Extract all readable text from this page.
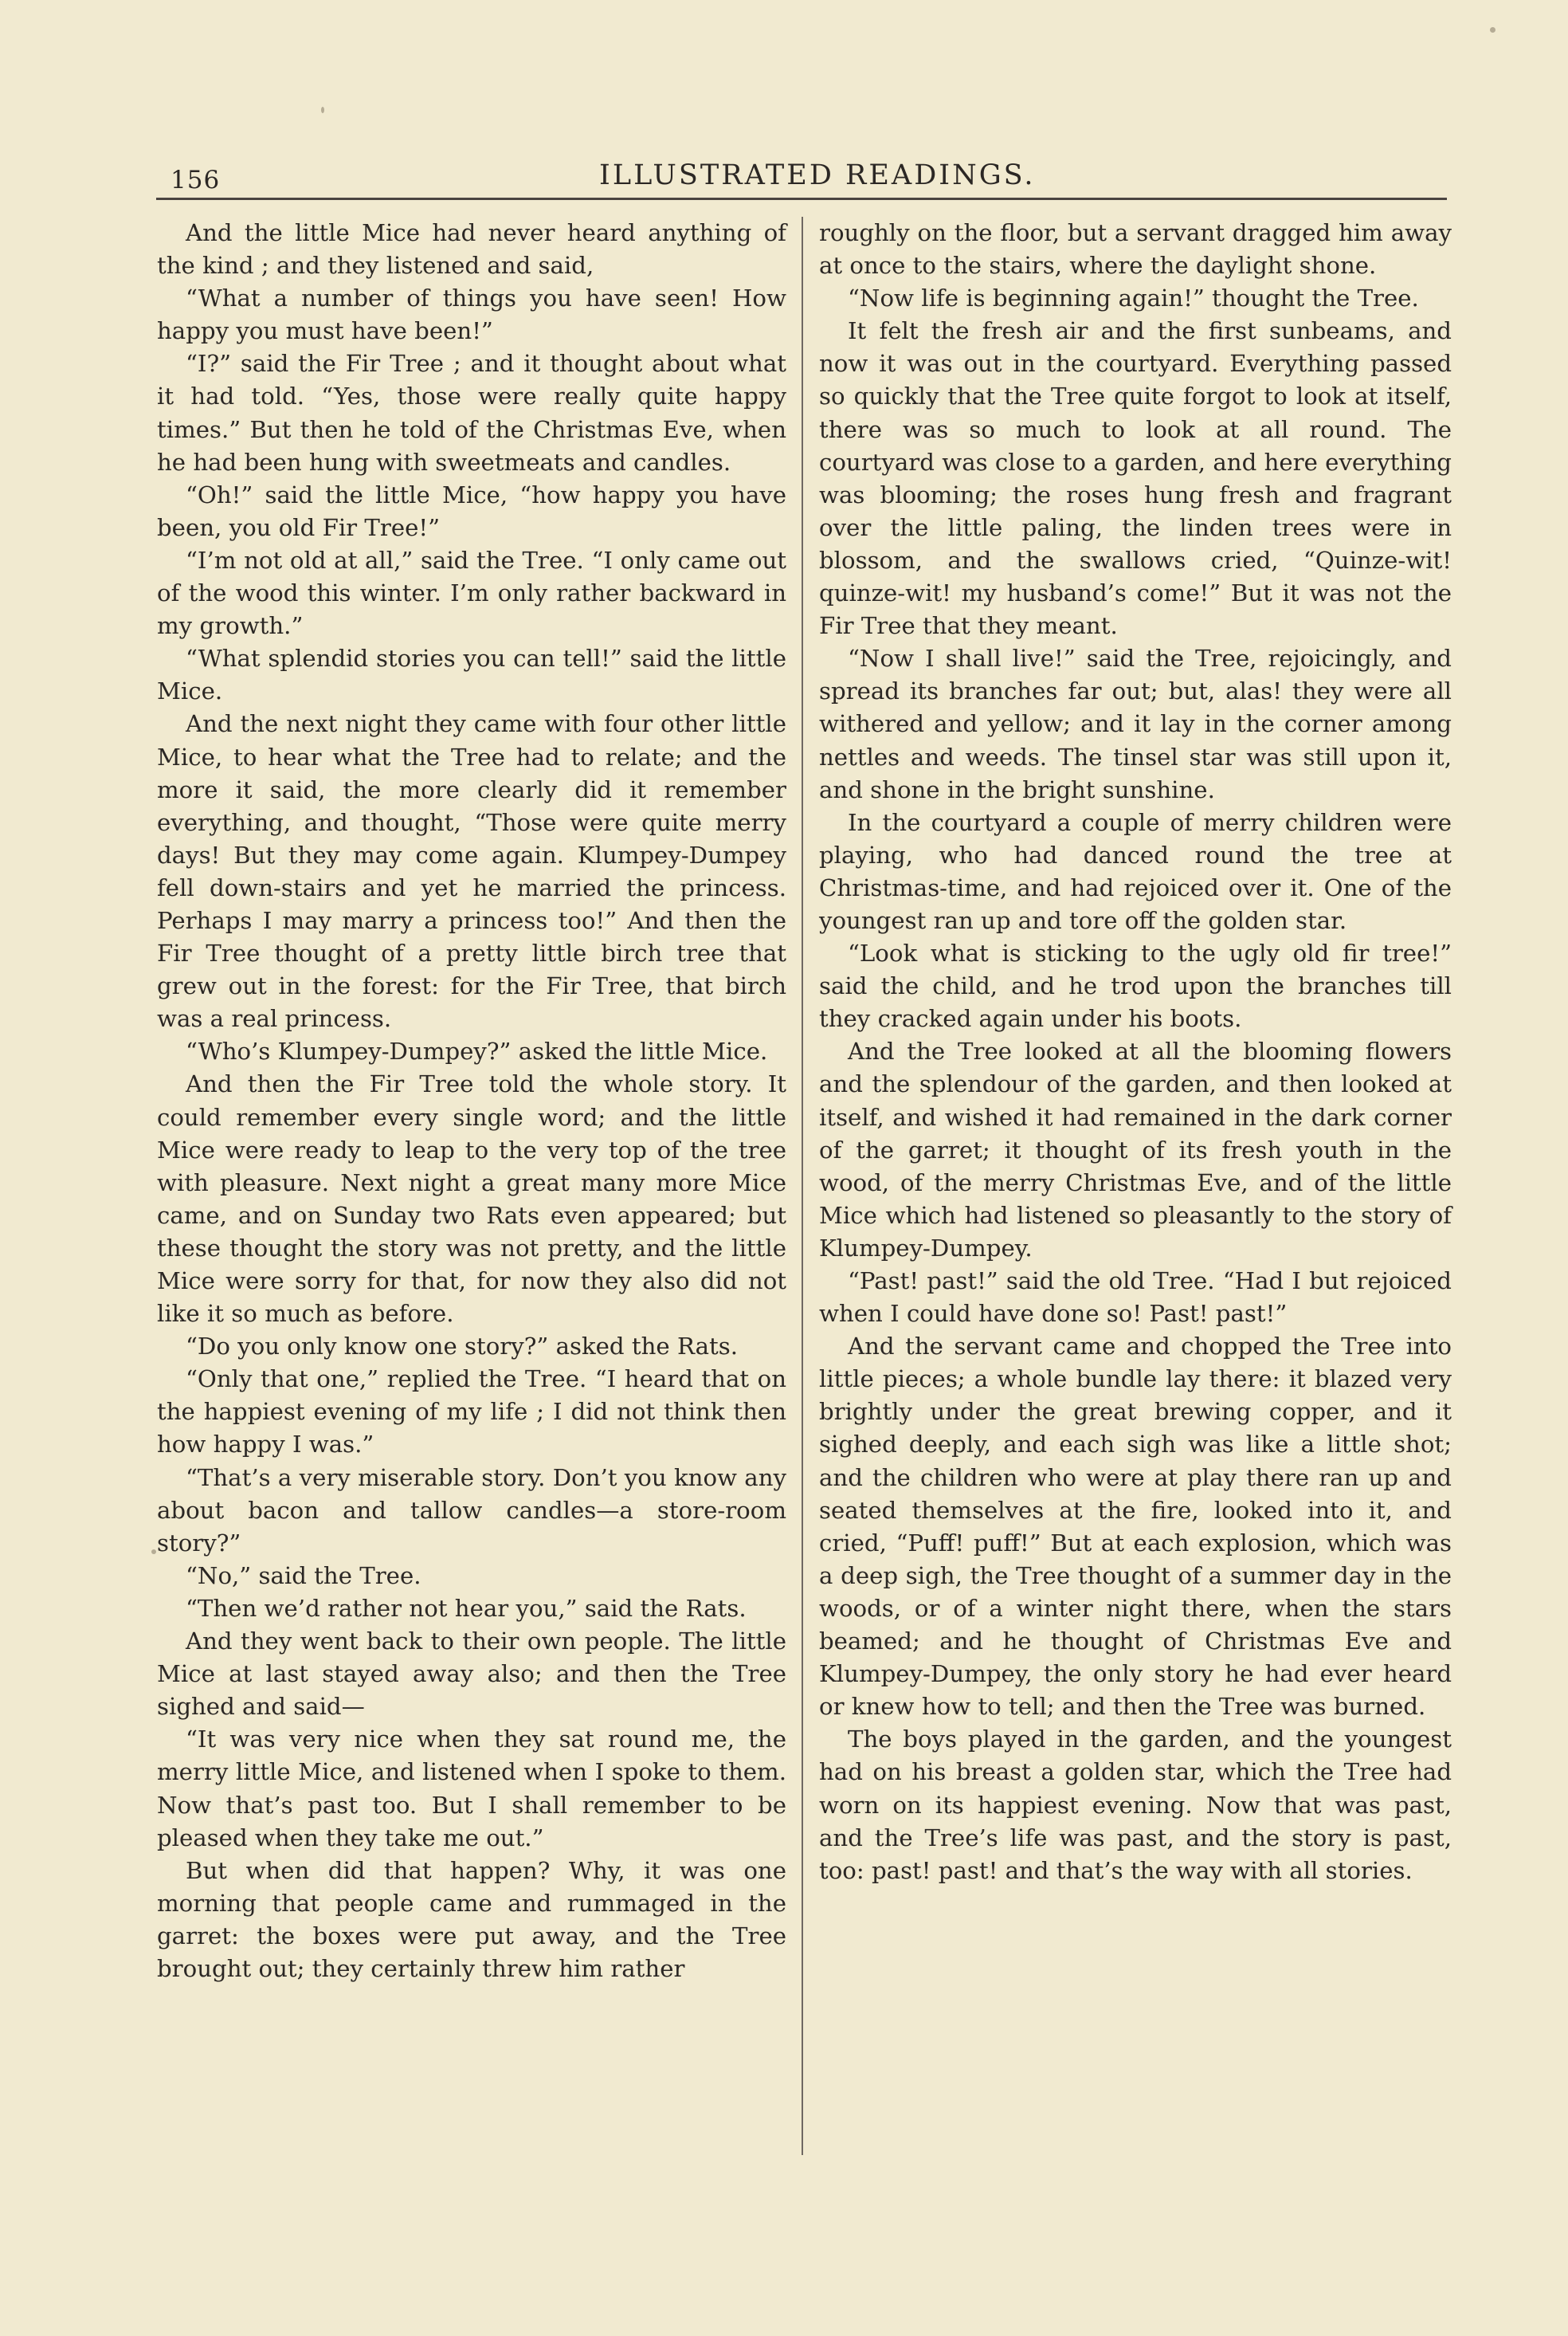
156	ILLUSTRATED READINGS.

And the little Mice had never heard anything of the kind ; and they listened and said,

“What a number of things you have seen! How happy you must have been!”

“I?” said the Fir Tree ; and it thought about what it had told. “Yes, those were really quite happy times.” But then he told of the Christmas Eve, when he had been hung with sweetmeats and candles.

“Oh!” said the little Mice, “how happy you have been, you old Fir Tree!”

“I’m not old at all,” said the Tree. “I only came out of the wood this winter. I’m only rather backward in my growth.”

“What splendid stories you can tell!” said the little Mice.

And the next night they came with four other little Mice, to hear what the Tree had to relate; and the more it said, the more clearly did it remember everything, and thought, “Those were quite merry days! But they may come again. Klumpey-Dumpey fell down-stairs and yet he married the princess. Perhaps I may marry a princess too!” And then the Fir Tree thought of a pretty little birch tree that grew out in the forest: for the Fir Tree, that birch was a real princess.

“Who’s Klumpey-Dumpey?” asked the little Mice.

And then the Fir Tree told the whole story. It could remember every single word; and the little Mice were ready to leap to the very top of the tree with pleasure. Next night a great many more Mice came, and on Sunday two Rats even appeared; but these thought the story was not pretty, and the little Mice were sorry for that, for now they also did not like it so much as before.

“Do you only know one story?” asked the Rats.

“Only that one,” replied the Tree. “I heard that on the happiest evening of my life ; I did not think then how happy I was.”

“That’s a very miserable story. Don’t you know any about bacon and tallow candles—a store-room story?”

“No,” said the Tree.

“Then we’d rather not hear you,” said the Rats.

And they went back to their own people. The little Mice at last stayed away also; and then the Tree sighed and said—

“It was very nice when they sat round me, the merry little Mice, and listened when I spoke to them. Now that’s past too. But I shall remember to be pleased when they take me out.”

But when did that happen? Why, it was one morning that people came and rummaged in the garret: the boxes were put away, and the Tree brought out; they certainly threw him rather

roughly on the floor, but a servant dragged him away at once to the stairs, where the daylight shone.

“Now life is beginning again!” thought the Tree.

It felt the fresh air and the first sunbeams, and now it was out in the courtyard. Everything passed so quickly that the Tree quite forgot to look at itself, there was so much to look at all round. The courtyard was close to a garden, and here everything was blooming; the roses hung fresh and fragrant over the little paling, the linden trees were in blossom, and the swallows cried, “Quinze-wit! quinze-wit! my husband’s come!” But it was not the Fir Tree that they meant.

“Now I shall live!” said the Tree, rejoicingly, and spread its branches far out; but, alas! they were all withered and yellow; and it lay in the corner among nettles and weeds. The tinsel star was still upon it, and shone in the bright sunshine.

In the courtyard a couple of merry children were playing, who had danced round the tree at Christmas-time, and had rejoiced over it. One of the youngest ran up and tore off the golden star.

“Look what is sticking to the ugly old fir tree!” said the child, and he trod upon the branches till they cracked again under his boots.

And the Tree looked at all the blooming flowers and the splendour of the garden, and then looked at itself, and wished it had remained in the dark corner of the garret; it thought of its fresh youth in the wood, of the merry Christmas Eve, and of the little Mice which had listened so pleasantly to the story of Klumpey-Dumpey.

“Past! past!” said the old Tree. “Had I but rejoiced when I could have done so! Past! past!”

And the servant came and chopped the Tree into little pieces; a whole bundle lay there: it blazed very brightly under the great brewing copper, and it sighed deeply, and each sigh was like a little shot; and the children who were at play there ran up and seated themselves at the fire, looked into it, and cried, “Puff! puff!” But at each explosion, which was a deep sigh, the Tree thought of a summer day in the woods, or of a winter night there, when the stars beamed; and he thought of Christmas Eve and Klumpey-Dumpey, the only story he had ever heard or knew how to tell; and then the Tree was burned.

The boys played in the garden, and the youngest had on his breast a golden star, which the Tree had worn on its happiest evening. Now that was past, and the Tree’s life was past, and the story is past, too: past! past! and that’s the way with all stories.
